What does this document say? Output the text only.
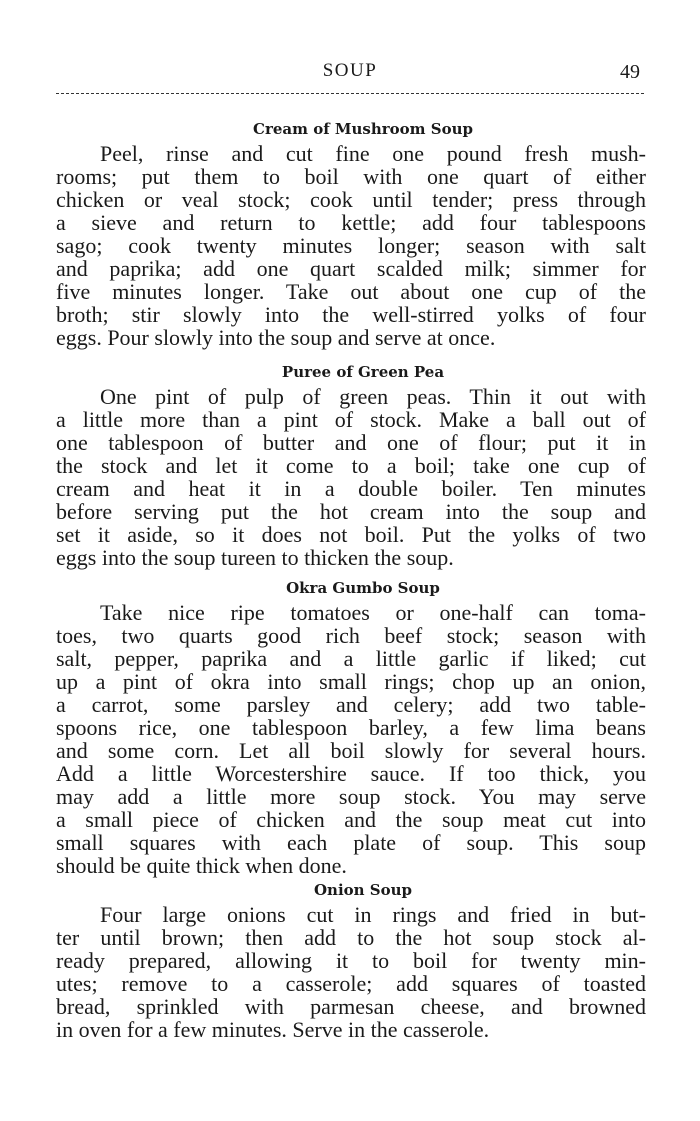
SOUP	49
Cream of Mushroom Soup
Peel, rinse and cut fine one pound fresh mush-
rooms; put them to boil with one quart of either
chicken or veal stock; cook until tender; press through
a sieve and return to kettle; add four tablespoons
sago; cook twenty minutes longer; season with salt
and paprika; add one quart scalded milk; simmer for
five minutes longer. Take out about one cup of the
broth; stir slowly into the well-stirred yolks of four
eggs. Pour slowly into the soup and serve at once.
Puree of Green Pea
One pint of pulp of green peas. Thin it out with
a little more than a pint of stock. Make a ball out of
one tablespoon of butter and one of flour; put it in
the stock and let it come to a boil; take one cup of
cream and heat it in a double boiler. Ten minutes
before serving put the hot cream into the soup and
set it aside, so it does not boil. Put the yolks of two
eggs into the soup tureen to thicken the soup.
Okra Gumbo Soup
Take nice ripe tomatoes or one-half can toma-
toes, two quarts good rich beef stock; season with
salt, pepper, paprika and a little garlic if liked; cut
up a pint of okra into small rings; chop up an onion,
a carrot, some parsley and celery; add two table-
spoons rice, one tablespoon barley, a few lima beans
and some corn. Let all boil slowly for several hours.
Add a little Worcestershire sauce. If too thick, you
may add a little more soup stock. You may serve
a small piece of chicken and the soup meat cut into
small squares with each plate of soup. This soup
should be quite thick when done.
Onion Soup
Four large onions cut in rings and fried in but-
ter until brown; then add to the hot soup stock al-
ready prepared, allowing it to boil for twenty min-
utes; remove to a casserole; add squares of toasted
bread, sprinkled with parmesan cheese, and browned
in oven for a few minutes. Serve in the casserole.
